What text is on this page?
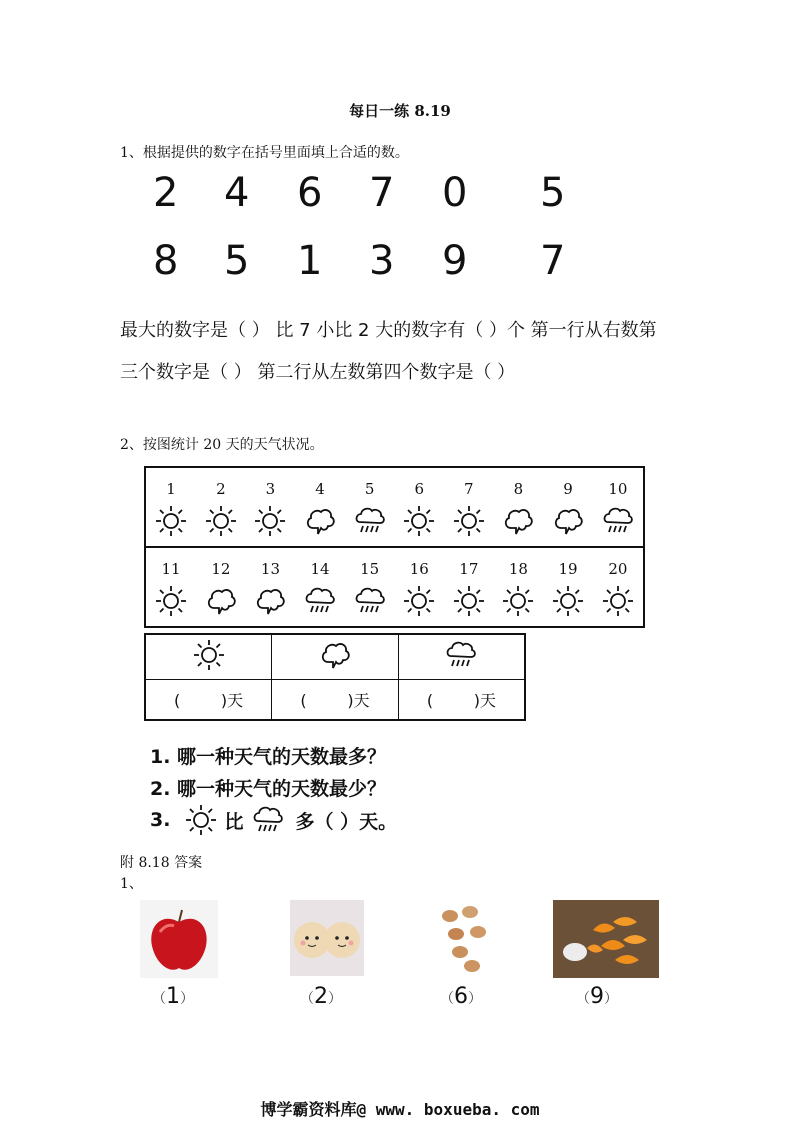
每日一练 8.19
1、根据提供的数字在括号里面填上合适的数。
2 4 6 7 0 5
8 5 1 3 9 7
最大的数字是（ ） 比 7 小比 2 大的数字有（ ）个 第一行从右数第
三个数字是（ ） 第二行从左数第四个数字是（ ）
2、按图统计 20 天的天气状况。
1	2	3	4	5	6	7	8	9	10

11	12	13	14	15	16	17	18	19	20

(        )天	(        )天	(        )天
1. 哪一种天气的天数最多？
2. 哪一种天气的天数最少？
3.	比	多（ ）天。
附 8.18 答案
1、
（1）	（2）	（6）	（9）
博学霸资料库@ www. boxueba. com
